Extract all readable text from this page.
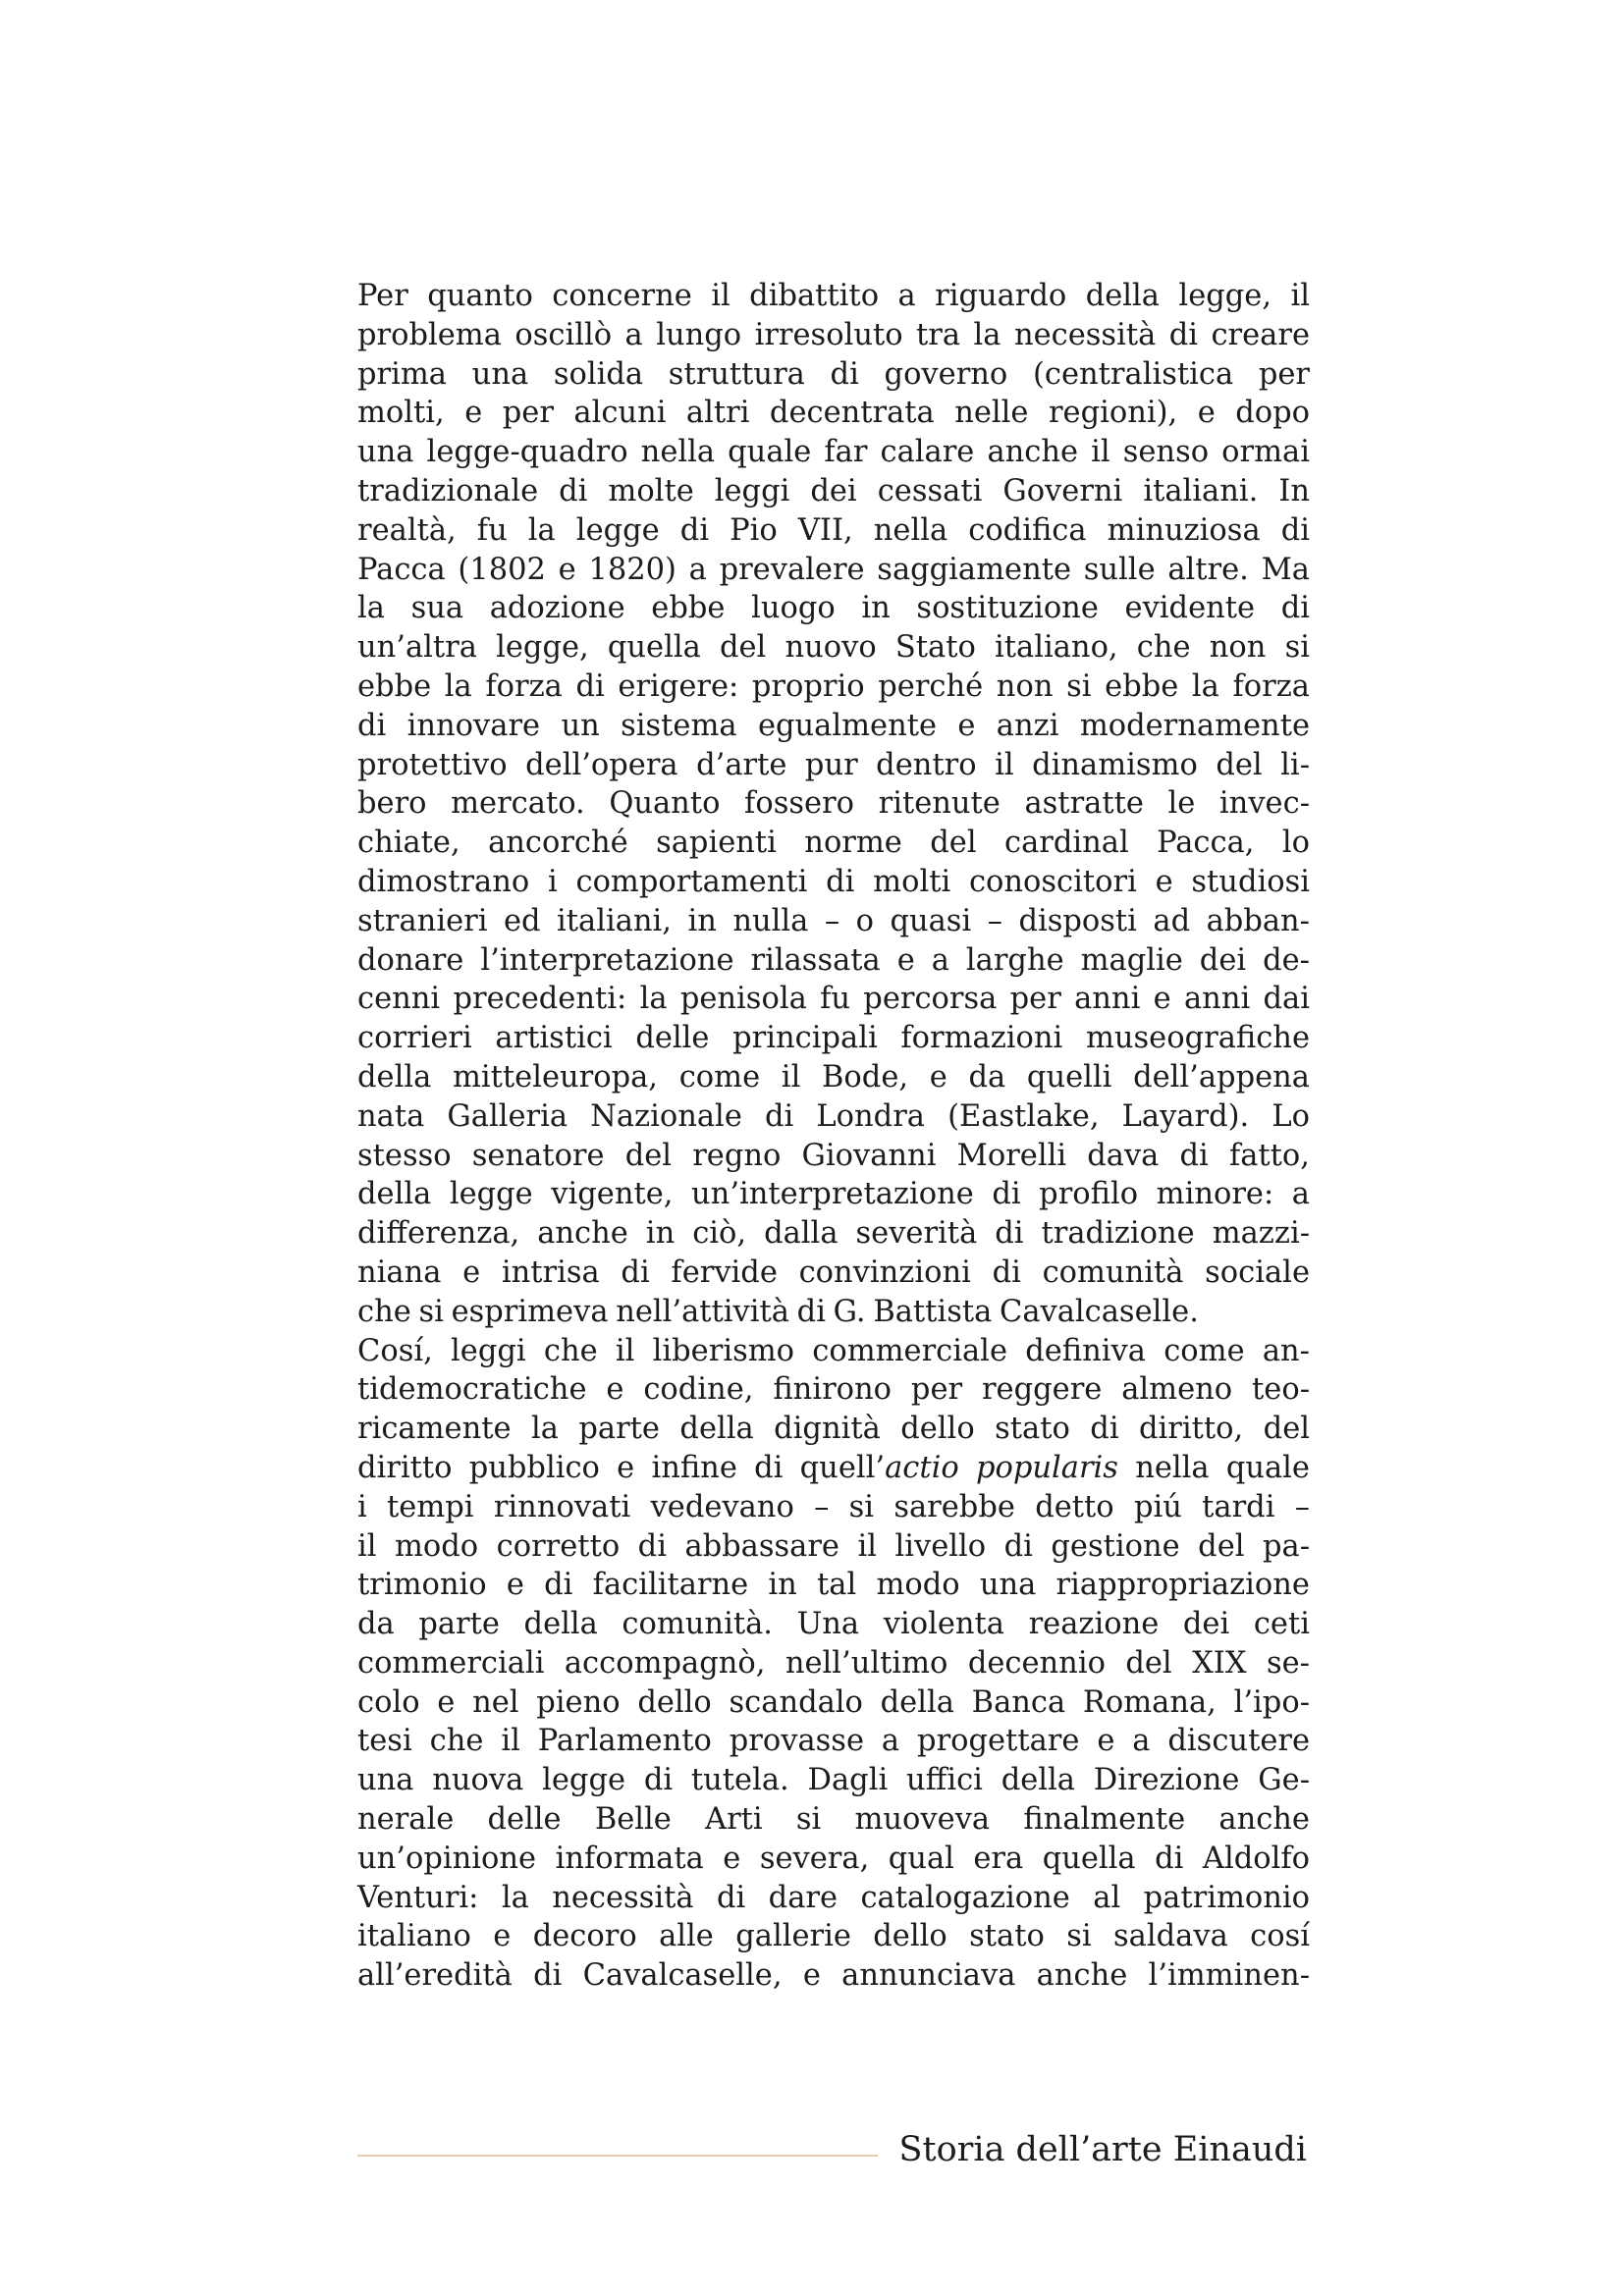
Per quanto concerne il dibattito a riguardo della legge, il
problema oscillò a lungo irresoluto tra la necessità di creare
prima una solida struttura di governo (centralistica per
molti, e per alcuni altri decentrata nelle regioni), e dopo
una legge-quadro nella quale far calare anche il senso ormai
tradizionale di molte leggi dei cessati Governi italiani. In
realtà, fu la legge di Pio VII, nella codifica minuziosa di
Pacca (1802 e 1820) a prevalere saggiamente sulle altre. Ma
la sua adozione ebbe luogo in sostituzione evidente di
un’altra legge, quella del nuovo Stato italiano, che non si
ebbe la forza di erigere: proprio perché non si ebbe la forza
di innovare un sistema egualmente e anzi modernamente
protettivo dell’opera d’arte pur dentro il dinamismo del li-
bero mercato. Quanto fossero ritenute astratte le invec-
chiate, ancorché sapienti norme del cardinal Pacca, lo
dimostrano i comportamenti di molti conoscitori e studiosi
stranieri ed italiani, in nulla – o quasi – disposti ad abban-
donare l’interpretazione rilassata e a larghe maglie dei de-
cenni precedenti: la penisola fu percorsa per anni e anni dai
corrieri artistici delle principali formazioni museografiche
della mitteleuropa, come il Bode, e da quelli dell’appena
nata Galleria Nazionale di Londra (Eastlake, Layard). Lo
stesso senatore del regno Giovanni Morelli dava di fatto,
della legge vigente, un’interpretazione di profilo minore: a
differenza, anche in ciò, dalla severità di tradizione mazzi-
niana e intrisa di fervide convinzioni di comunità sociale
che si esprimeva nell’attività di G. Battista Cavalcaselle.
Cosí, leggi che il liberismo commerciale definiva come an-
tidemocratiche e codine, finirono per reggere almeno teo-
ricamente la parte della dignità dello stato di diritto, del
diritto pubblico e infine di quell’actio popularis nella quale
i tempi rinnovati vedevano – si sarebbe detto piú tardi –
il modo corretto di abbassare il livello di gestione del pa-
trimonio e di facilitarne in tal modo una riappropriazione
da parte della comunità. Una violenta reazione dei ceti
commerciali accompagnò, nell’ultimo decennio del XIX se-
colo e nel pieno dello scandalo della Banca Romana, l’ipo-
tesi che il Parlamento provasse a progettare e a discutere
una nuova legge di tutela. Dagli uffici della Direzione Ge-
nerale delle Belle Arti si muoveva finalmente anche
un’opinione informata e severa, qual era quella di Aldolfo
Venturi: la necessità di dare catalogazione al patrimonio
italiano e decoro alle gallerie dello stato si saldava cosí
all’eredità di Cavalcaselle, e annunciava anche l’imminen-

Storia dell’arte Einaudi
